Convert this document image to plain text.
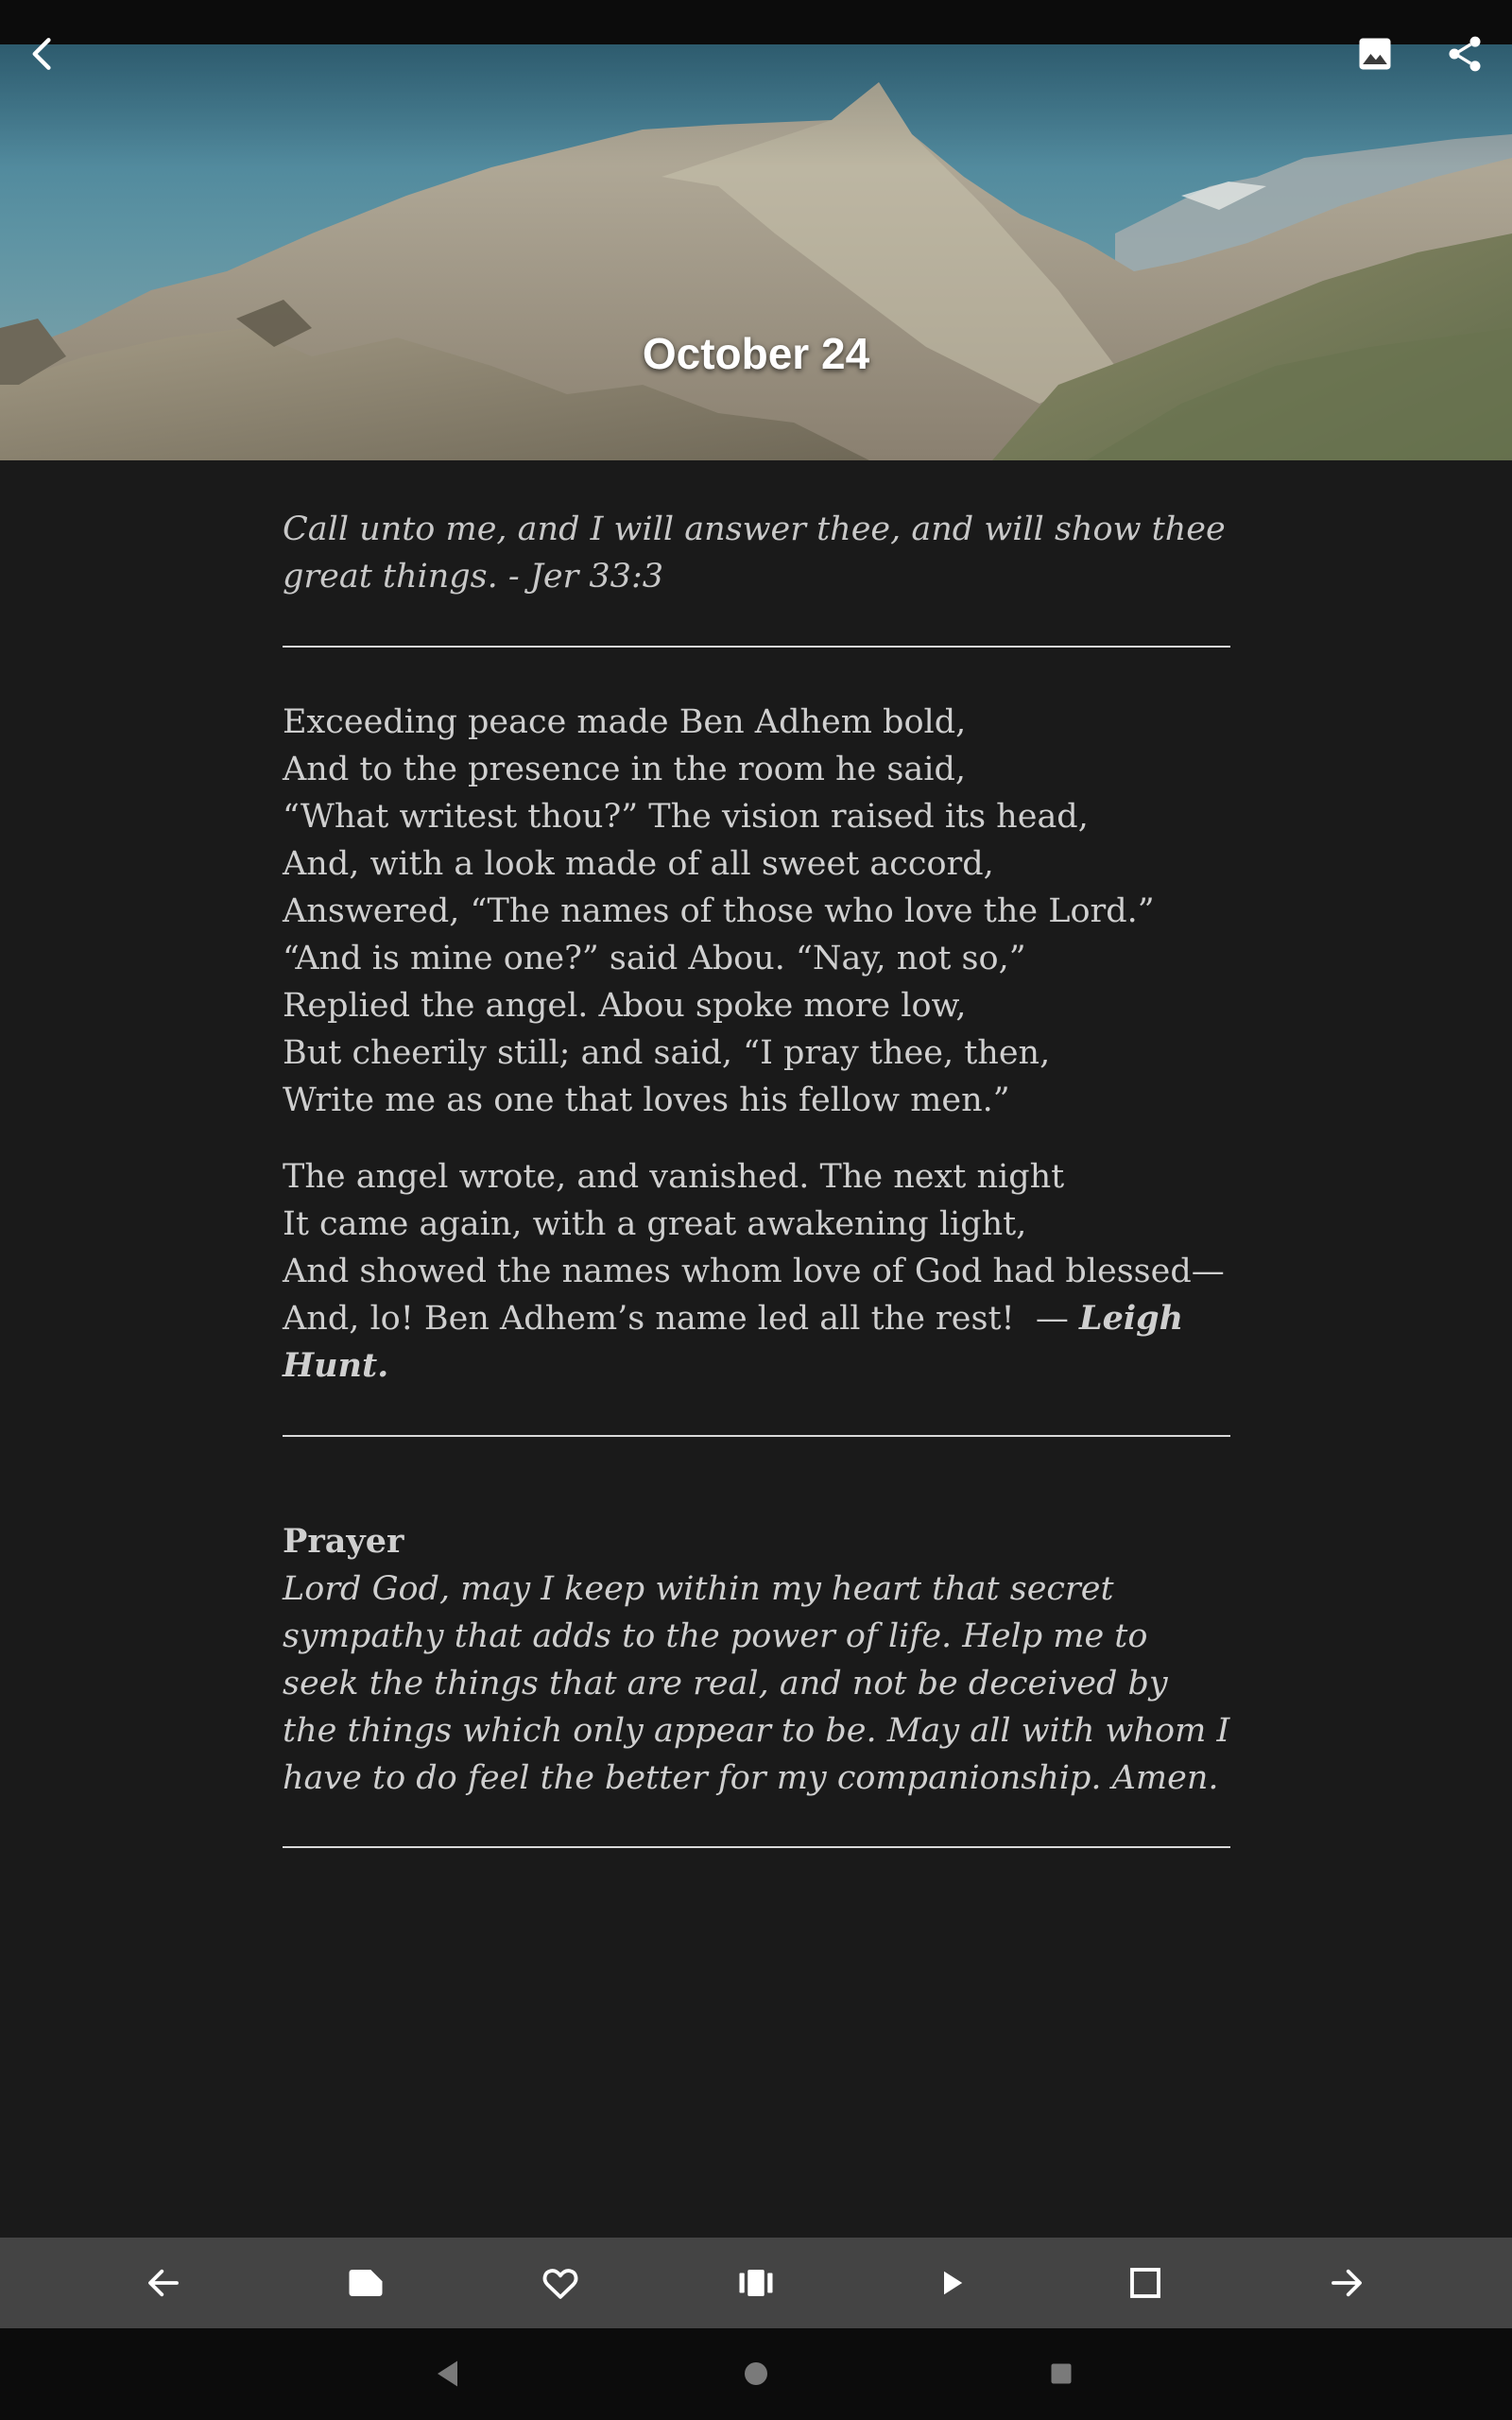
October 24

Call unto me, and I will answer thee, and will show thee great things. - Jer 33:3

Exceeding peace made Ben Adhem bold,
And to the presence in the room he said,
“What writest thou?” The vision raised its head,
And, with a look made of all sweet accord,
Answered, “The names of those who love the Lord.”
“And is mine one?” said Abou. “Nay, not so,”
Replied the angel. Abou spoke more low,
But cheerily still; and said, “I pray thee, then,
Write me as one that loves his fellow men.”

The angel wrote, and vanished. The next night
It came again, with a great awakening light,
And showed the names whom love of God had blessed—
And, lo! Ben Adhem’s name led all the rest!  — Leigh
Hunt.

Prayer

Lord God, may I keep within my heart that secret sympathy that adds to the power of life. Help me to seek the things that are real, and not be deceived by the things which only appear to be. May all with whom I have to do feel the better for my companionship. Amen.
